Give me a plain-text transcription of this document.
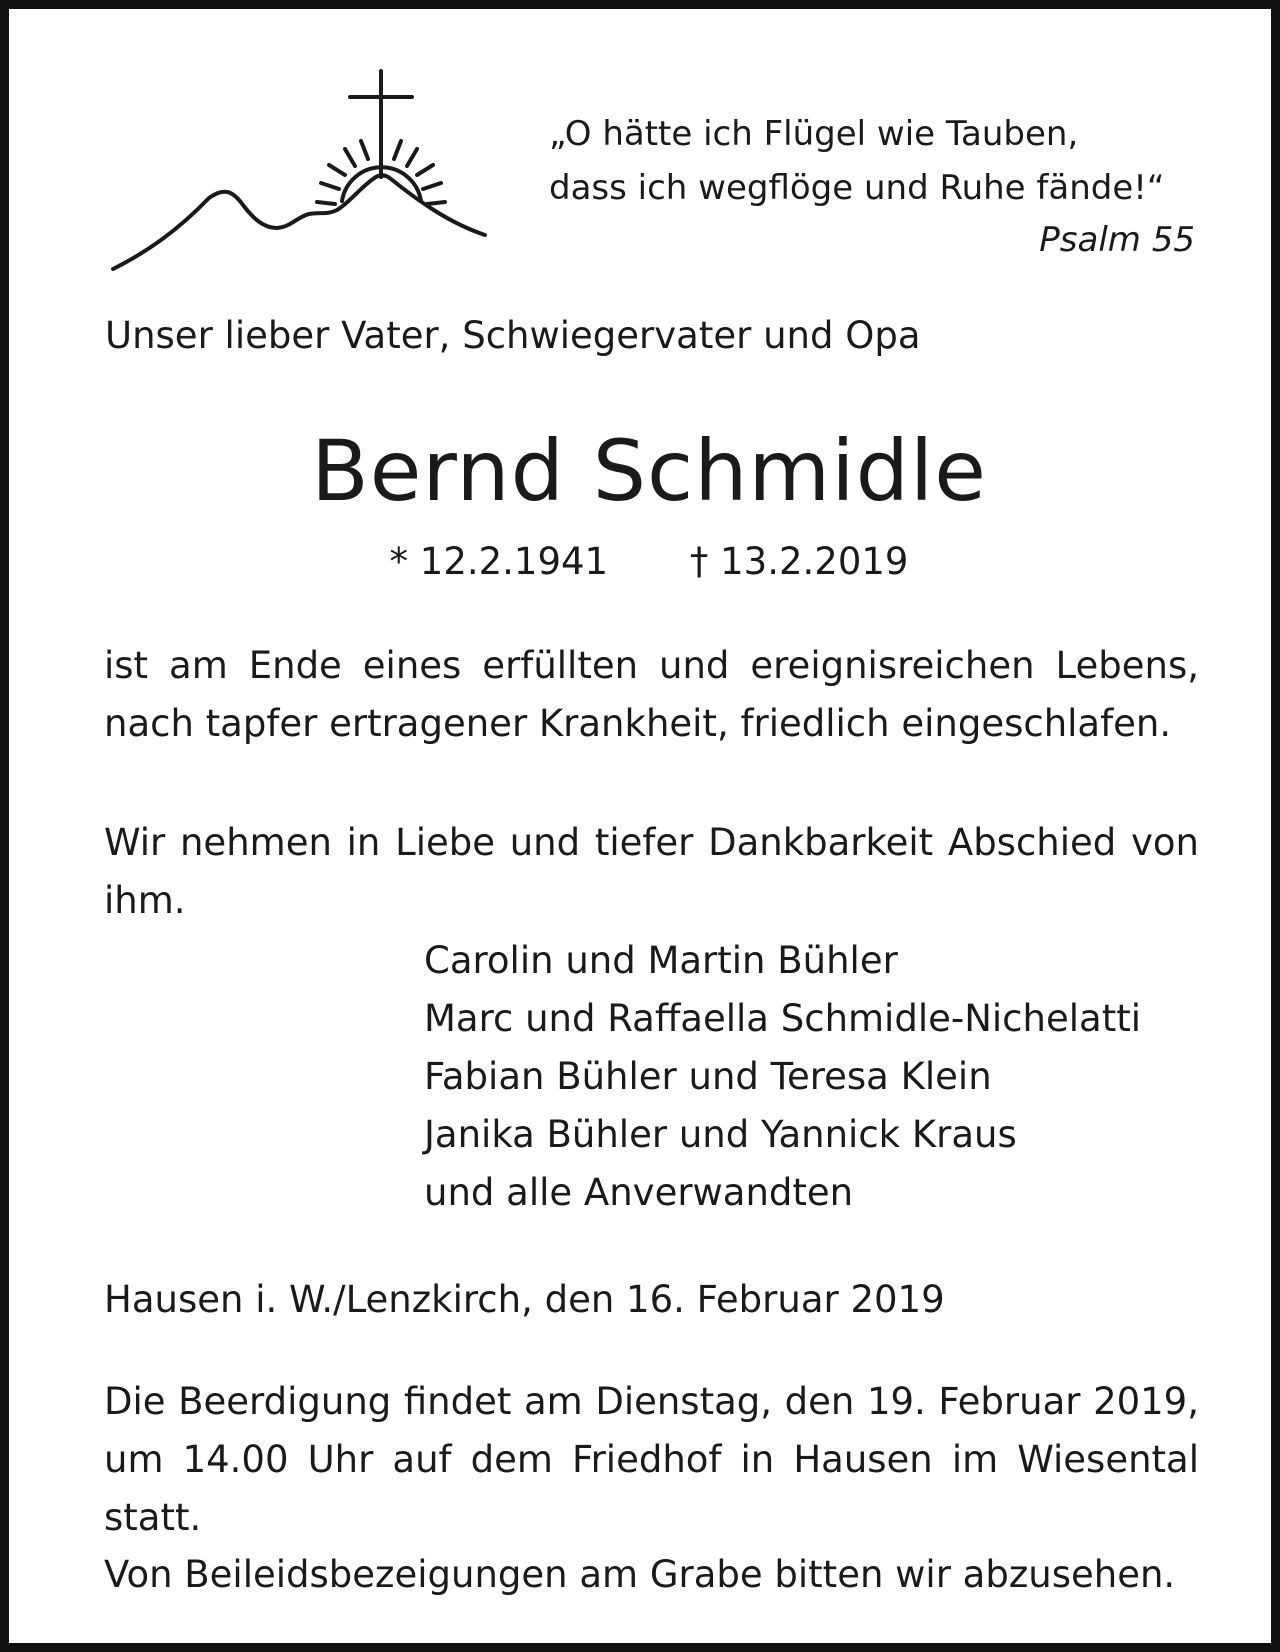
„O hätte ich Flügel wie Tauben,
dass ich wegflöge und Ruhe fände!“
Psalm 55
Unser lieber Vater, Schwiegervater und Opa
Bernd Schmidle
* 12.2.1941 † 13.2.2019
ist am Ende eines erfüllten und ereignisreichen Lebens, nach tapfer ertragener Krankheit, friedlich eingeschlafen.
Wir nehmen in Liebe und tiefer Dankbarkeit Abschied von ihm.
Carolin und Martin Bühler
Marc und Raffaella Schmidle-Nichelatti
Fabian Bühler und Teresa Klein
Janika Bühler und Yannick Kraus
und alle Anverwandten
Hausen i. W./Lenzkirch, den 16. Februar 2019
Die Beerdigung findet am Dienstag, den 19. Februar 2019, um 14.00 Uhr auf dem Friedhof in Hausen im Wiesental statt.
Von Beileidsbezeigungen am Grabe bitten wir abzusehen.
